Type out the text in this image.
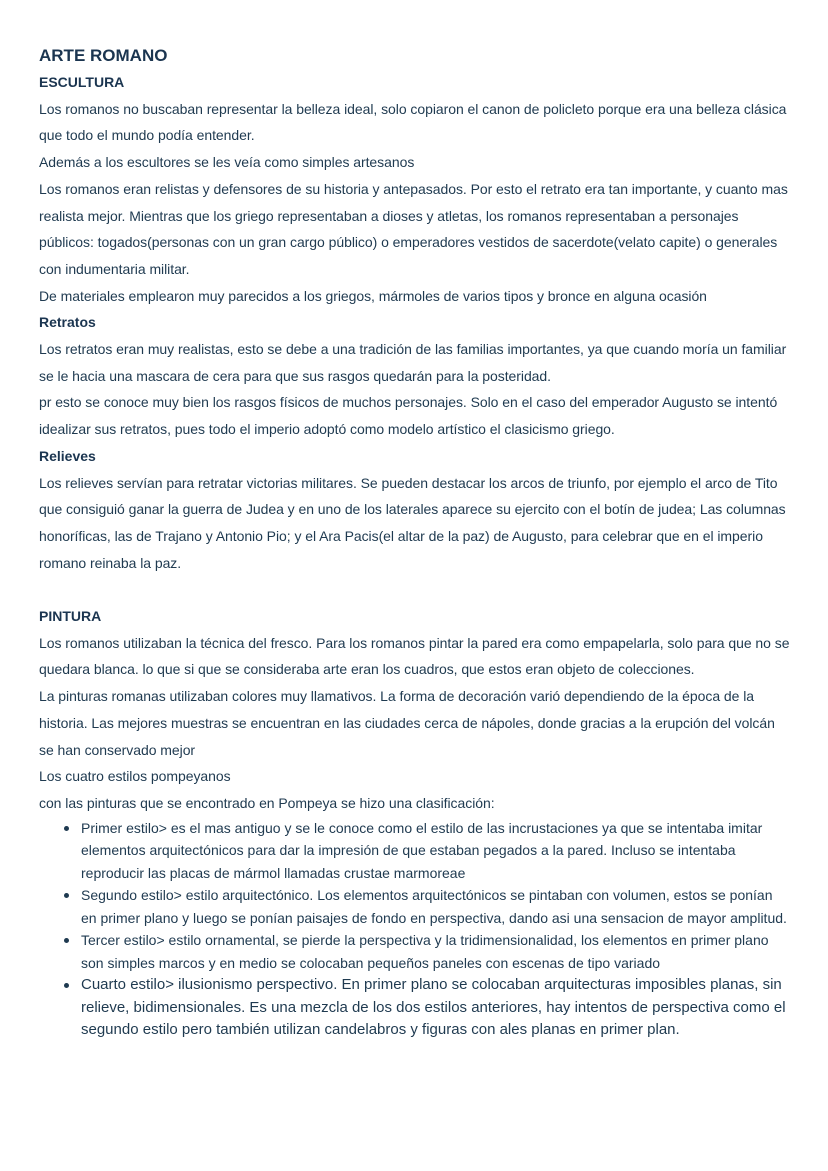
ARTE ROMANO
ESCULTURA

Los romanos no buscaban representar la belleza ideal, solo copiaron el canon de policleto porque era una belleza clásica que todo el mundo podía entender.

Además a los escultores se les veía como simples artesanos

Los romanos eran relistas y defensores de su historia y antepasados. Por esto el retrato era tan importante, y cuanto mas realista mejor. Mientras que los griego representaban a dioses y atletas, los romanos representaban a personajes públicos: togados(personas con un gran cargo público) o emperadores vestidos de sacerdote(velato capite) o generales con indumentaria militar.

De materiales emplearon muy parecidos a los griegos, mármoles de varios tipos y bronce en alguna ocasión

Retratos

Los retratos eran muy realistas, esto se debe a una tradición de las familias importantes, ya que cuando moría un familiar se le hacia una mascara de cera para que sus rasgos quedarán para la posteridad.

pr esto se conoce muy bien los rasgos físicos de muchos personajes. Solo en el caso del emperador Augusto se intentó idealizar sus retratos, pues todo el imperio adoptó como modelo artístico el clasicismo griego.

Relieves

Los relieves servían para retratar victorias militares. Se pueden destacar los arcos de triunfo, por ejemplo el arco de Tito que consiguió ganar la guerra de Judea y en uno de los laterales aparece su ejercito con el botín de judea; Las columnas honoríficas, las de Trajano y Antonio Pio; y el Ara Pacis(el altar de la paz) de Augusto, para celebrar que en el imperio romano reinaba la paz.

PINTURA

Los romanos utilizaban la técnica del fresco. Para los romanos pintar la pared era como empapelarla, solo para que no se quedara blanca. lo que si que se consideraba arte eran los cuadros, que estos eran objeto de colecciones.

La pinturas romanas utilizaban colores muy llamativos. La forma de decoración varió dependiendo de la época de la historia. Las mejores muestras se encuentran en las ciudades cerca de nápoles, donde gracias a la erupción del volcán se han conservado mejor

Los cuatro estilos pompeyanos

con las pinturas que se encontrado en Pompeya se hizo una clasificación:

Primer estilo> es el mas antiguo y se le conoce como el estilo de las incrustaciones ya que se intentaba imitar elementos arquitectónicos para dar la impresión de que estaban pegados a la pared. Incluso se intentaba reproducir las placas de mármol llamadas crustae marmoreae
Segundo estilo> estilo arquitectónico. Los elementos arquitectónicos se pintaban con volumen, estos se ponían en primer plano y luego se ponían paisajes de fondo en perspectiva, dando asi una sensacion de mayor amplitud.
Tercer estilo> estilo ornamental, se pierde la perspectiva y la tridimensionalidad, los elementos en primer plano son simples marcos y en medio se colocaban pequeños paneles con escenas de tipo variado
Cuarto estilo> ilusionismo perspectivo. En primer plano se colocaban arquitecturas imposibles planas, sin relieve, bidimensionales. Es una mezcla de los dos estilos anteriores, hay intentos de perspectiva como el segundo estilo pero también utilizan candelabros y figuras con ales planas en primer plan.
